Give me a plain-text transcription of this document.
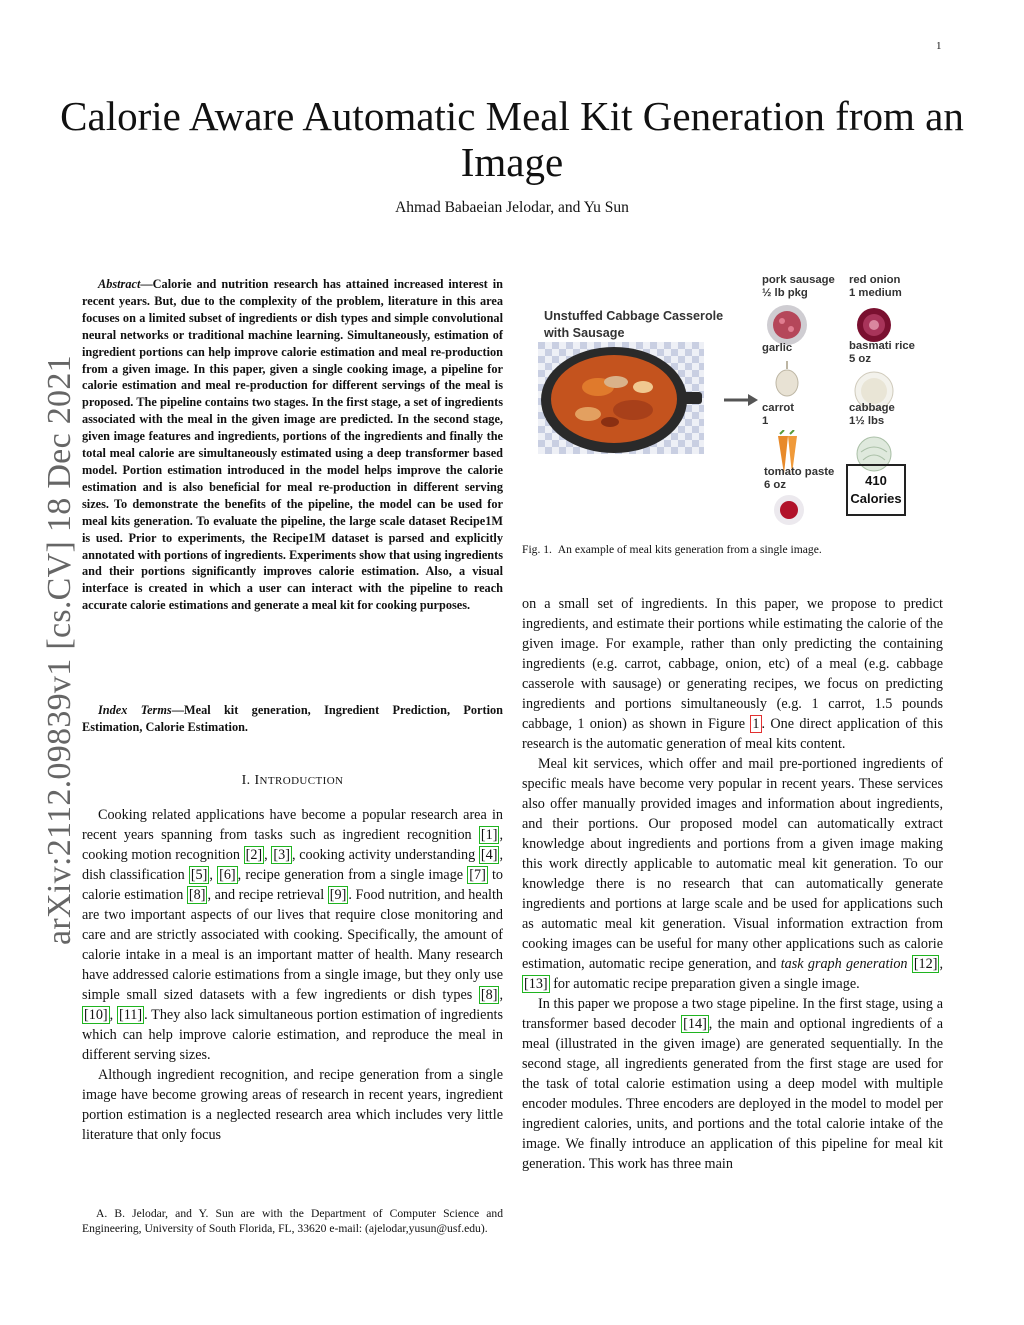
1
arXiv:2112.09839v1 [cs.CV] 18 Dec 2021
Calorie Aware Automatic Meal Kit Generation from an Image
Ahmad Babaeian Jelodar, and Yu Sun

Abstract—Calorie and nutrition research has attained increased interest in recent years. But, due to the complexity of the problem, literature in this area focuses on a limited subset of ingredients or dish types and simple convolutional neural networks or traditional machine learning. Simultaneously, estimation of ingredient portions can help improve calorie estimation and meal re-production from a given image. In this paper, given a single cooking image, a pipeline for calorie estimation and meal re-production for different servings of the meal is proposed. The pipeline contains two stages. In the first stage, a set of ingredients associated with the meal in the given image are predicted. In the second stage, given image features and ingredients, portions of the ingredients and finally the total meal calorie are simultaneously estimated using a deep transformer based model. Portion estimation introduced in the model helps improve the calorie estimation and is also beneficial for meal re-production in different serving sizes. To demonstrate the benefits of the pipeline, the model can be used for meal kits generation. To evaluate the pipeline, the large scale dataset Recipe1M is used. Prior to experiments, the Recipe1M dataset is parsed and explicitly annotated with portions of ingredients. Experiments show that using ingredients and their portions significantly improves calorie estimation. Also, a visual interface is created in which a user can interact with the pipeline to reach accurate calorie estimations and generate a meal kit for cooking purposes.

Index Terms—Meal kit generation, Ingredient Prediction, Portion Estimation, Calorie Estimation.
I. INTRODUCTION

Cooking related applications have become a popular research area in recent years spanning from tasks such as ingredient recognition [1] , cooking motion recognition [2] , [3] , cooking activity understanding [4] , dish classification [5] , [6] , recipe generation from a single image [7] to calorie estimation [8] , and recipe retrieval [9] . Food nutrition, and health are two important aspects of our lives that require close monitoring and care and are strictly associated with cooking. Specifically, the amount of calorie intake in a meal is an important matter of health. Many research have addressed calorie estimations from a single image, but they only use simple small sized datasets with a few ingredients or dish types [8] , [10] , [11] . They also lack simultaneous portion estimation of ingredients which can help improve calorie estimation, and reproduce the meal in different serving sizes.

Although ingredient recognition, and recipe generation from a single image have become growing areas of research in recent years, ingredient portion estimation is a neglected research area which includes very little literature that only focus

A. B. Jelodar, and Y. Sun are with the Department of Computer Science and Engineering, University of South Florida, FL, 33620 e-mail: (ajelodar,yusun@usf.edu).
Unstuffed Cabbage Casserole
with Sausage
pork sausage
½ lb pkg
red onion
1 medium
garlic	basmati rice
5 oz
carrot
1
cabbage
1½ lbs
tomato paste
6 oz	410
Calories
Fig. 1. An example of meal kits generation from a single image.

on a small set of ingredients. In this paper, we propose to predict ingredients, and estimate their portions while estimating the calorie of the given image. For example, rather than only predicting the containing ingredients (e.g. carrot, cabbage, onion, etc) of a meal (e.g. cabbage casserole with sausage) or generating recipes, we focus on predicting ingredients and portions simultaneously (e.g. 1 carrot, 1.5 pounds cabbage, 1 onion) as shown in Figure 1 . One direct application of this research is the automatic generation of meal kits content.

Meal kit services, which offer and mail pre-portioned ingredients of specific meals have become very popular in recent years. These services also offer manually provided images and information about ingredients, and their portions. Our proposed model can automatically extract knowledge about ingredients and portions from a given image making this work directly applicable to automatic meal kit generation. To our knowledge there is no research that can automatically generate ingredients and portions at large scale and be used for applications such as automatic meal kit generation. Visual information extraction from cooking images can be useful for many other applications such as calorie estimation, automatic recipe generation, and task graph generation [12] , [13] for automatic recipe preparation given a single image.

In this paper we propose a two stage pipeline. In the first stage, using a transformer based decoder [14] , the main and optional ingredients of a meal (illustrated in the given image) are generated sequentially. In the second stage, all ingredients generated from the first stage are used for the task of total calorie estimation using a deep model with multiple encoder modules. Three encoders are deployed in the model to model per ingredient calories, units, and portions and the total calorie intake of the image. We finally introduce an application of this pipeline for meal kit generation. This work has three main
